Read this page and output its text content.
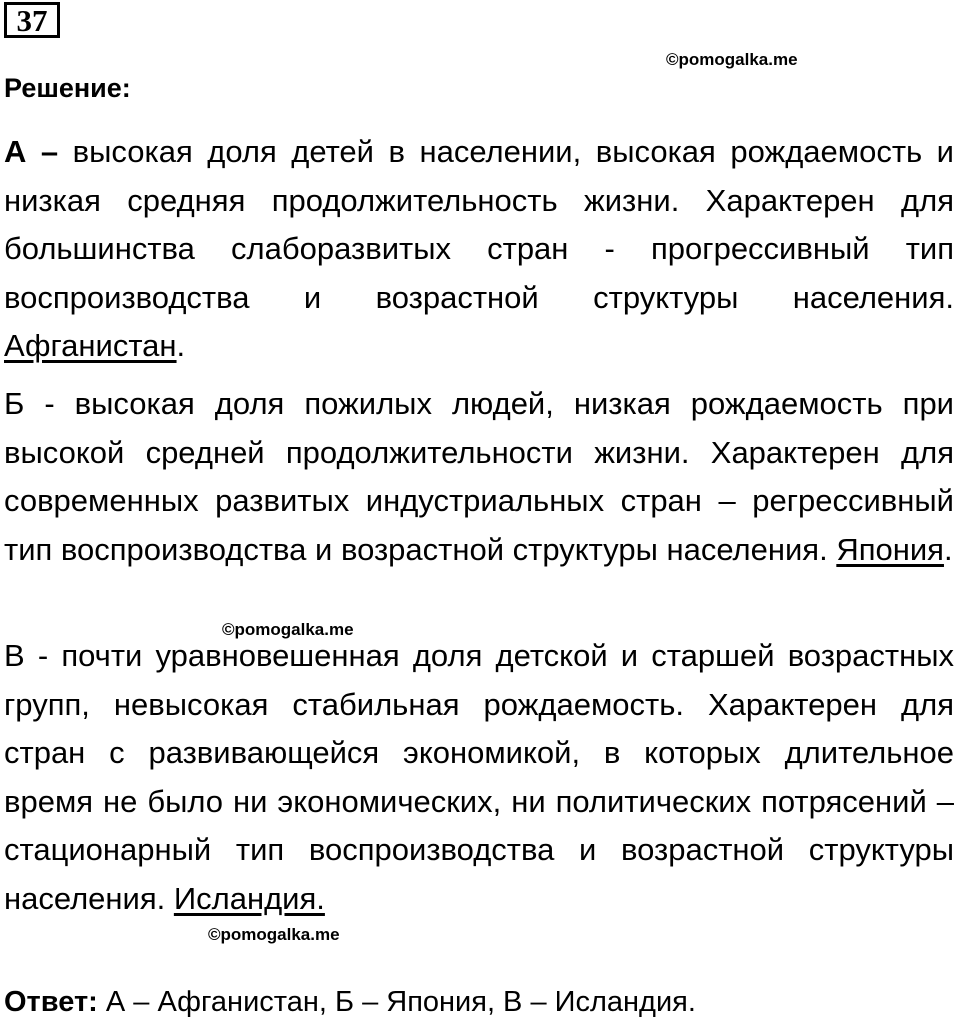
37
©pomogalka.me
Решение:
А – высокая доля детей в населении, высокая рождаемость и низкая средняя продолжительность жизни. Характерен для большинства слаборазвитых стран - прогрессивный тип воспроизводства и возрастной структуры населения. Афганистан.
Б - высокая доля пожилых людей, низкая рождаемость при высокой средней продолжительности жизни. Характерен для современных развитых индустриальных стран – регрессивный тип воспроизводства и возрастной структуры населения. Япония.
©pomogalka.me
В - почти уравновешенная доля детской и старшей возрастных групп, невысокая стабильная рождаемость. Характерен для стран с развивающейся экономикой, в которых длительное время не было ни экономических, ни политических потрясений – стационарный тип воспроизводства и возрастной структуры населения. Исландия.
©pomogalka.me
Ответ: А – Афганистан, Б – Япония, В – Исландия.
